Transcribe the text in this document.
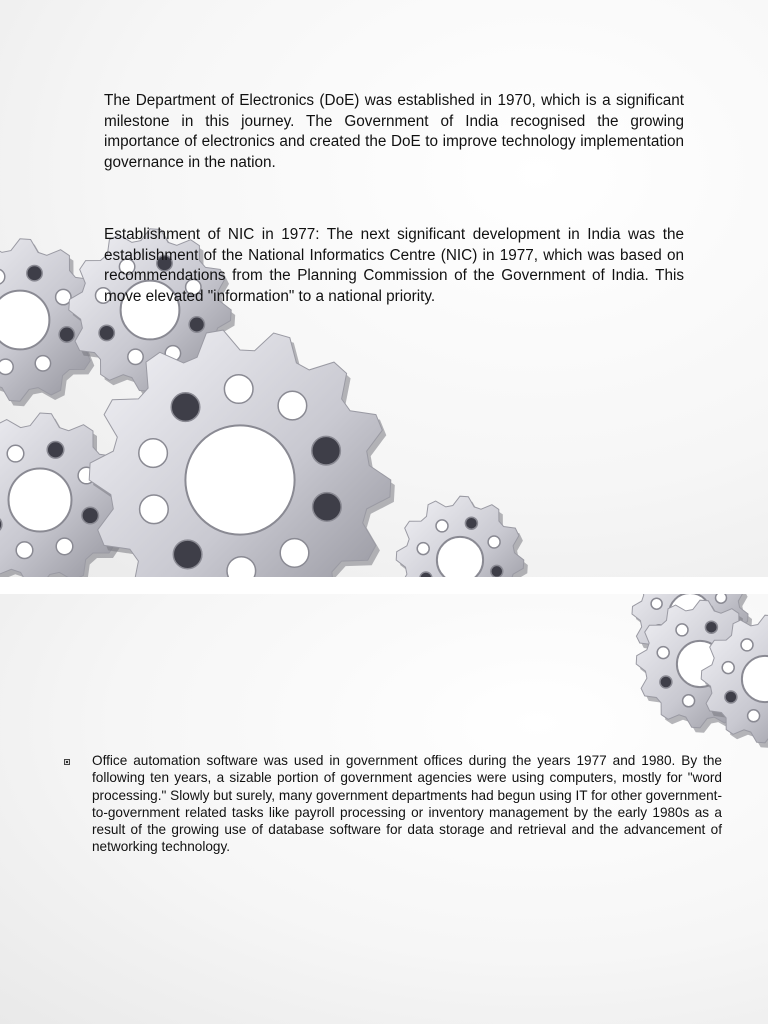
The Department of Electronics (DoE) was established in 1970, which is a significant milestone in this journey. The Government of India recognised the growing importance of electronics and created the DoE to improve technology implementation governance in the nation.

Establishment of NIC in 1977: The next significant development in India was the establishment of the National Informatics Centre (NIC) in 1977, which was based on recommendations from the Planning Commission of the Government of India. This move elevated "information" to a national priority.

Office automation software was used in government offices during the years 1977 and 1980. By the following ten years, a sizable portion of government agencies were using computers, mostly for "word processing." Slowly but surely, many government departments had begun using IT for other government-to-government related tasks like payroll processing or inventory management by the early 1980s as a result of the growing use of database software for data storage and retrieval and the advancement of networking technology.
